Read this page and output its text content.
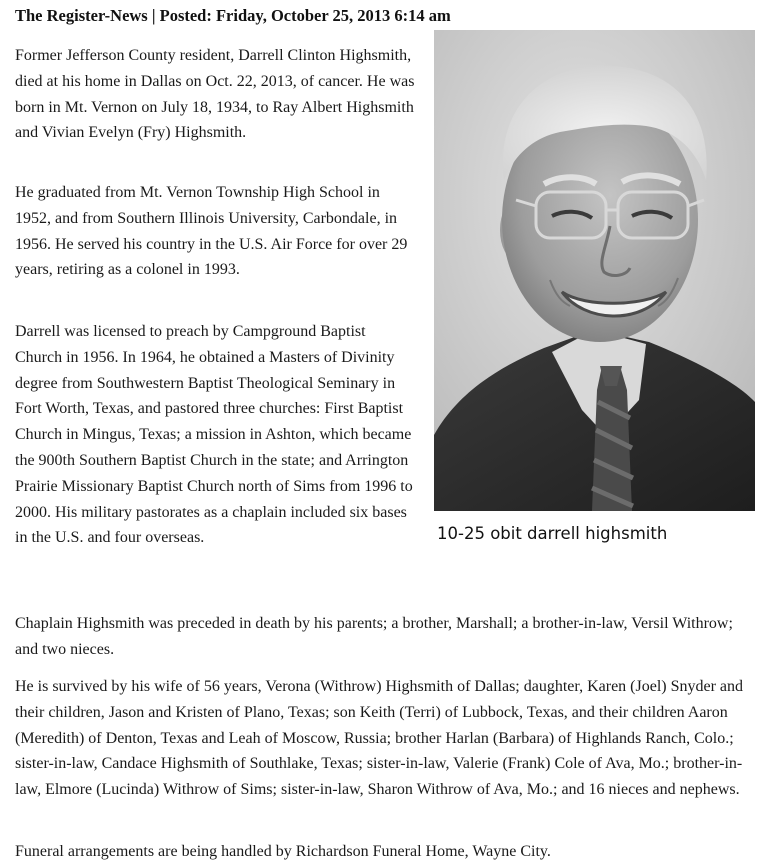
The Register-News | Posted: Friday, October 25, 2013 6:14 am
10-25 obit darrell highsmith

Former Jefferson County resident, Darrell Clinton Highsmith, died at his home in Dallas on Oct. 22, 2013, of cancer. He was born in Mt. Vernon on July 18, 1934, to Ray Albert Highsmith and Vivian Evelyn (Fry) Highsmith.

He graduated from Mt. Vernon Township High School in 1952, and from Southern Illinois University, Carbondale, in 1956. He served his country in the U.S. Air Force for over 29 years, retiring as a colonel in 1993.

Darrell was licensed to preach by Campground Baptist Church in 1956. In 1964, he obtained a Masters of Divinity degree from Southwestern Baptist Theological Seminary in Fort Worth, Texas, and pastored three churches: First Baptist Church in Mingus, Texas; a mission in Ashton, which became the 900th Southern Baptist Church in the state; and Arrington Prairie Missionary Baptist Church north of Sims from 1996 to 2000. His military pastorates as a chaplain included six bases in the U.S. and four overseas.

Chaplain Highsmith was preceded in death by his parents; a brother, Marshall; a brother-in-law, Versil Withrow; and two nieces.

He is survived by his wife of 56 years, Verona (Withrow) Highsmith of Dallas; daughter, Karen (Joel) Snyder and their children, Jason and Kristen of Plano, Texas; son Keith (Terri) of Lubbock, Texas, and their children Aaron (Meredith) of Denton, Texas and Leah of Moscow, Russia; brother Harlan (Barbara) of Highlands Ranch, Colo.; sister-in-law, Candace Highsmith of Southlake, Texas; sister-in-law, Valerie (Frank) Cole of Ava, Mo.; brother-in-law, Elmore (Lucinda) Withrow of Sims; sister-in-law, Sharon Withrow of Ava, Mo.; and 16 nieces and nephews.

Funeral arrangements are being handled by Richardson Funeral Home, Wayne City.
